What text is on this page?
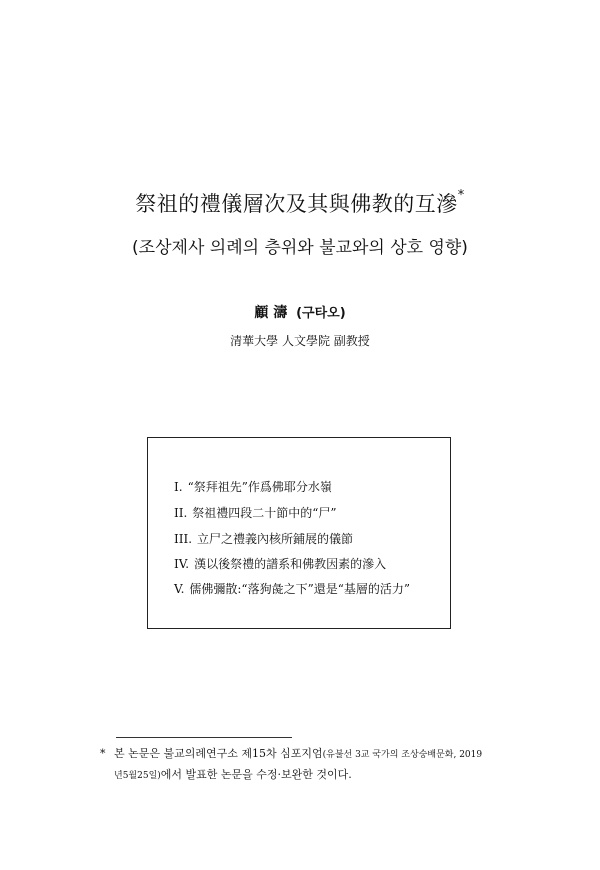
祭祖的禮儀層次及其與佛教的互滲*
(조상제사 의례의 층위와 불교와의 상호 영향)
顧 濤 (구타오)
清華大學 人文學院 副教授
I. “祭拜祖先”作爲佛耶分水嶺
II. 祭祖禮四段二十節中的“尸”
III. 立尸之禮義內核所鋪展的儀節
IV. 漢以後祭禮的譜系和佛教因素的滲入
V. 儒佛彌散:“落狗彘之下”還是“基層的活力”
* 본 논문은 불교의례연구소 제15차 심포지엄(유불선 3교 국가의 조상숭배문화, 2019
년5월25일)에서 발표한 논문을 수정·보완한 것이다.
